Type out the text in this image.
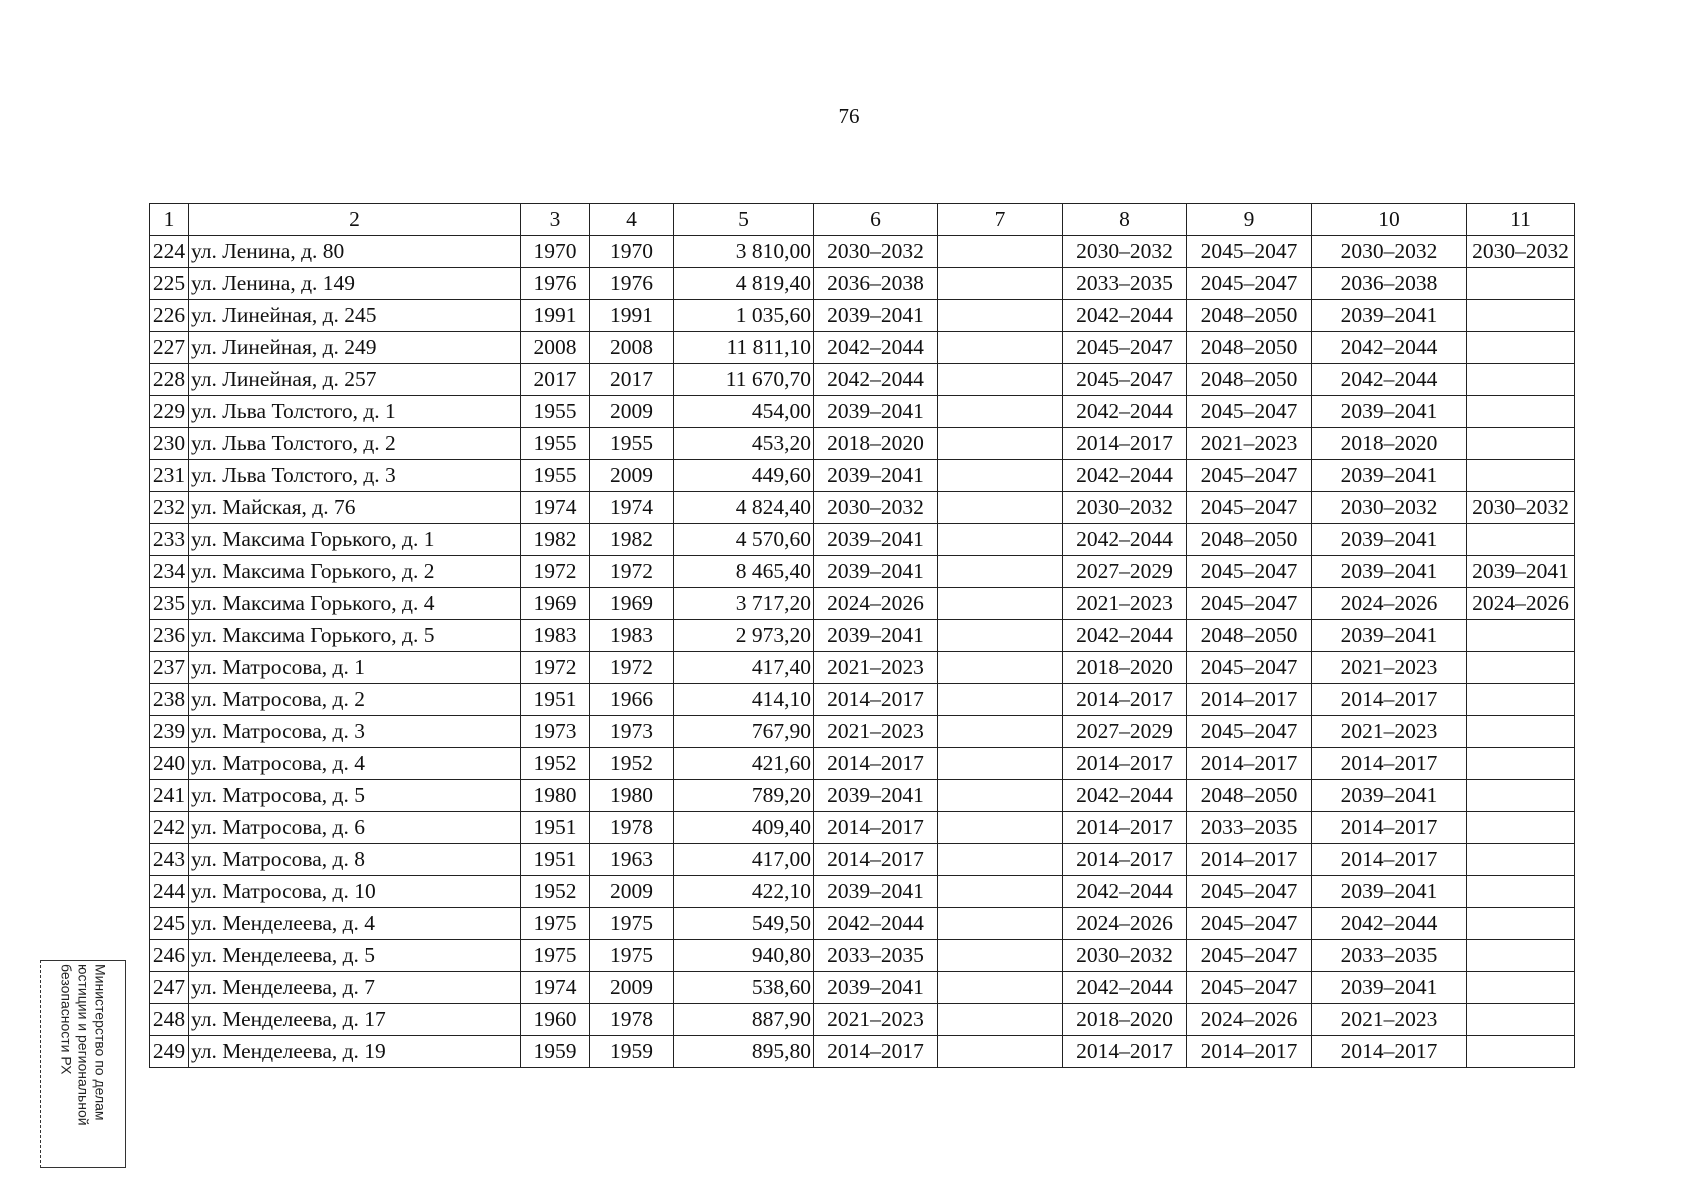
76
1	2	3	4	5	6	7	8	9	10	11
224	ул. Ленина, д. 80	1970	1970	3 810,00	2030–2032		2030–2032	2045–2047	2030–2032	2030–2032
225	ул. Ленина, д. 149	1976	1976	4 819,40	2036–2038		2033–2035	2045–2047	2036–2038	
226	ул. Линейная, д. 245	1991	1991	1 035,60	2039–2041		2042–2044	2048–2050	2039–2041	
227	ул. Линейная, д. 249	2008	2008	11 811,10	2042–2044		2045–2047	2048–2050	2042–2044	
228	ул. Линейная, д. 257	2017	2017	11 670,70	2042–2044		2045–2047	2048–2050	2042–2044	
229	ул. Льва Толстого, д. 1	1955	2009	454,00	2039–2041		2042–2044	2045–2047	2039–2041	
230	ул. Льва Толстого, д. 2	1955	1955	453,20	2018–2020		2014–2017	2021–2023	2018–2020	
231	ул. Льва Толстого, д. 3	1955	2009	449,60	2039–2041		2042–2044	2045–2047	2039–2041	
232	ул. Майская, д. 76	1974	1974	4 824,40	2030–2032		2030–2032	2045–2047	2030–2032	2030–2032
233	ул. Максима Горького, д. 1	1982	1982	4 570,60	2039–2041		2042–2044	2048–2050	2039–2041	
234	ул. Максима Горького, д. 2	1972	1972	8 465,40	2039–2041		2027–2029	2045–2047	2039–2041	2039–2041
235	ул. Максима Горького, д. 4	1969	1969	3 717,20	2024–2026		2021–2023	2045–2047	2024–2026	2024–2026
236	ул. Максима Горького, д. 5	1983	1983	2 973,20	2039–2041		2042–2044	2048–2050	2039–2041	
237	ул. Матросова, д. 1	1972	1972	417,40	2021–2023		2018–2020	2045–2047	2021–2023	
238	ул. Матросова, д. 2	1951	1966	414,10	2014–2017		2014–2017	2014–2017	2014–2017	
239	ул. Матросова, д. 3	1973	1973	767,90	2021–2023		2027–2029	2045–2047	2021–2023	
240	ул. Матросова, д. 4	1952	1952	421,60	2014–2017		2014–2017	2014–2017	2014–2017	
241	ул. Матросова, д. 5	1980	1980	789,20	2039–2041		2042–2044	2048–2050	2039–2041	
242	ул. Матросова, д. 6	1951	1978	409,40	2014–2017		2014–2017	2033–2035	2014–2017	
243	ул. Матросова, д. 8	1951	1963	417,00	2014–2017		2014–2017	2014–2017	2014–2017	
244	ул. Матросова, д. 10	1952	2009	422,10	2039–2041		2042–2044	2045–2047	2039–2041	
245	ул. Менделеева, д. 4	1975	1975	549,50	2042–2044		2024–2026	2045–2047	2042–2044	
246	ул. Менделеева, д. 5	1975	1975	940,80	2033–2035		2030–2032	2045–2047	2033–2035	
247	ул. Менделеева, д. 7	1974	2009	538,60	2039–2041		2042–2044	2045–2047	2039–2041	
248	ул. Менделеева, д. 17	1960	1978	887,90	2021–2023		2018–2020	2024–2026	2021–2023	
249	ул. Менделеева, д. 19	1959	1959	895,80	2014–2017		2014–2017	2014–2017	2014–2017	
Министерство по делам
юстиции и региональной
безопасности РХ
